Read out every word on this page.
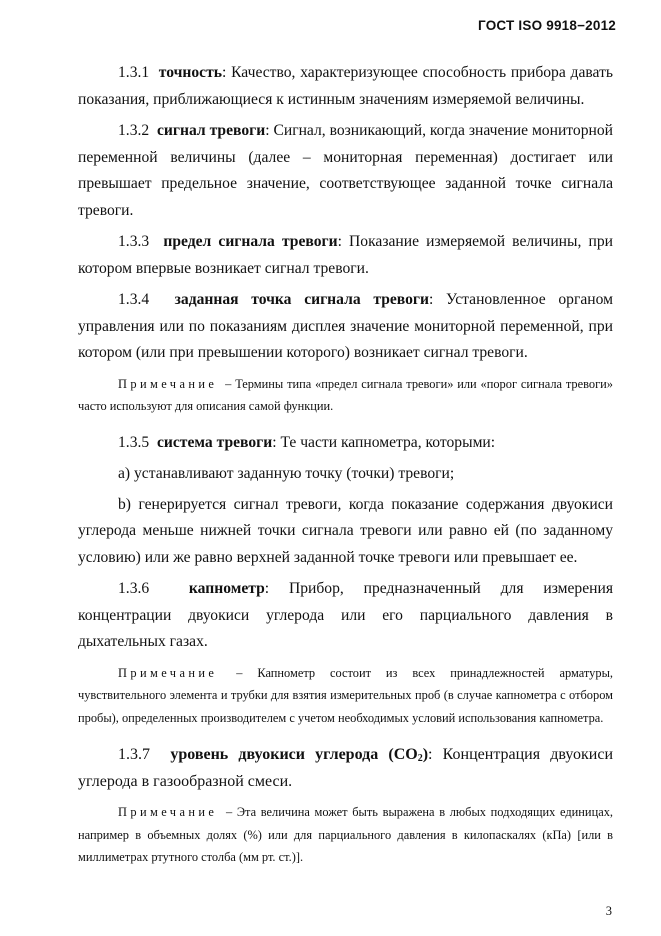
ГОСТ ISO 9918−2012

1.3.1 точность: Качество, характеризующее способность прибора давать показания, приближающиеся к истинным значениям измеряемой величины.

1.3.2 сигнал тревоги: Сигнал, возникающий, когда значение мониторной переменной величины (далее – мониторная переменная) достигает или превышает предельное значение, соответствующее заданной точке сигнала тревоги.

1.3.3 предел сигнала тревоги: Показание измеряемой величины, при котором впервые возникает сигнал тревоги.

1.3.4 заданная точка сигнала тревоги: Установленное органом управления или по показаниям дисплея значение мониторной переменной, при котором (или при превышении которого) возникает сигнал тревоги.

Примечание – Термины типа «предел сигнала тревоги» или «порог сигнала тревоги» часто используют для описания самой функции.

1.3.5 система тревоги: Те части капнометра, которыми:

a) устанавливают заданную точку (точки) тревоги;

b) генерируется сигнал тревоги, когда показание содержания двуокиси углерода меньше нижней точки сигнала тревоги или равно ей (по заданному условию) или же равно верхней заданной точке тревоги или превышает ее.

1.3.6	капнометр: Прибор, предназначенный для измерения концентрации двуокиси углерода или его парциального давления в дыхательных газах.

Примечание – Капнометр состоит из всех принадлежностей арматуры, чувствительного элемента и трубки для взятия измерительных проб (в случае капнометра с отбором пробы), определенных производителем с учетом необходимых условий использования капнометра.

1.3.7 уровень двуокиси углерода $(CO_2)$: Концентрация двуокиси углерода в газообразной смеси.

Примечание – Эта величина может быть выражена в любых подходящих единицах, например в объемных долях (%) или для парциального давления в килопаскалях (кПа) [или в миллиметрах ртутного столба (мм рт. ст.)].

3
